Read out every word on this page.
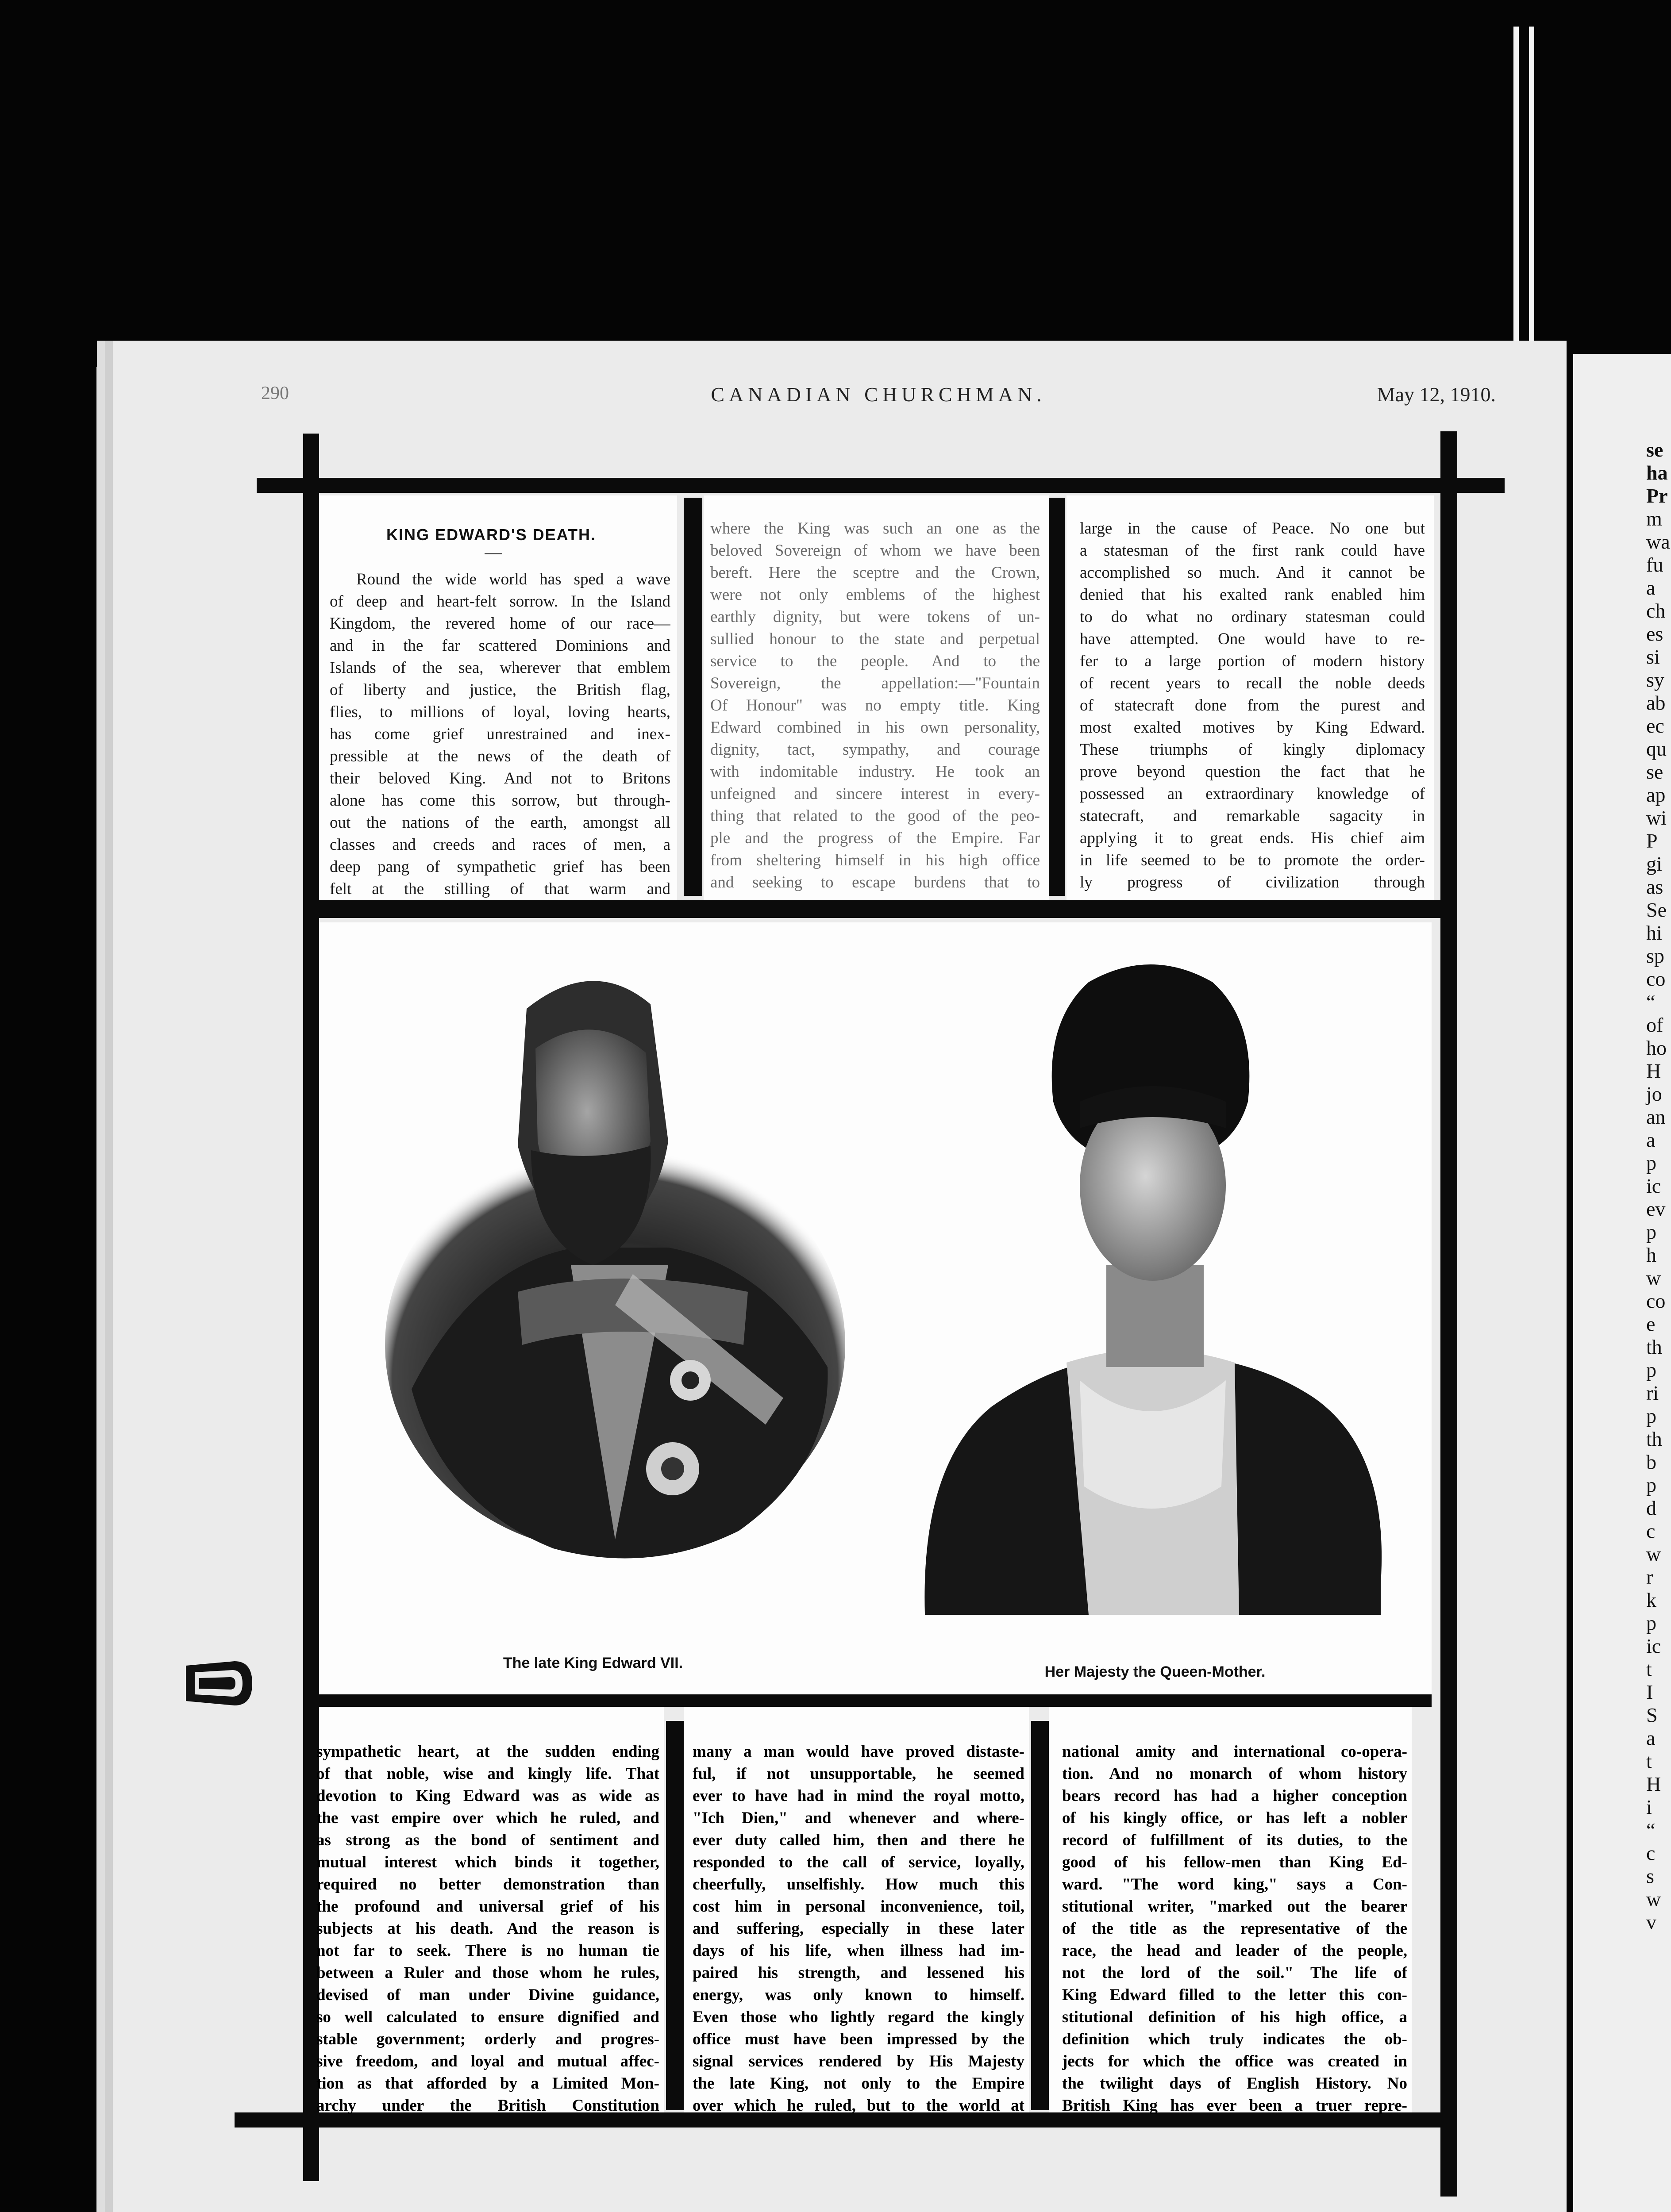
se
ha
Pr
m
wa
fu
a
ch
es
si
sy
ab
ec
qu
se
ap
wi
P
gi
as
Se
hi
sp
co
“
of
ho
H
jo
an
a
p
ic
ev
p
h
w
co
e
th
p
ri
p
th
b
p
d
c
w
r
k
p
ic
t
I
S
a
t
H
i
“
c
s
w
v
290	CANADIAN CHURCHMAN.	May 12, 1910.
KING EDWARD'S DEATH.
Round the wide world has sped a wave
of deep and heart-felt sorrow. In the Island
Kingdom, the revered home of our race—
and in the far scattered Dominions and
Islands of the sea, wherever that emblem
of liberty and justice, the British flag,
flies, to millions of loyal, loving hearts,
has come grief unrestrained and inex-
pressible at the news of the death of
their beloved King. And not to Britons
alone has come this sorrow, but through-
out the nations of the earth, amongst all
classes and creeds and races of men, a
deep pang of sympathetic grief has been
felt at the stilling of that warm and
where the King was such an one as the
beloved Sovereign of whom we have been
bereft. Here the sceptre and the Crown,
were not only emblems of the highest
earthly dignity, but were tokens of un-
sullied honour to the state and perpetual
service to the people. And to the
Sovereign, the appellation:—"Fountain
Of Honour" was no empty title. King
Edward combined in his own personality,
dignity, tact, sympathy, and courage
with indomitable industry. He took an
unfeigned and sincere interest in every-
thing that related to the good of the peo-
ple and the progress of the Empire. Far
from sheltering himself in his high office
and seeking to escape burdens that to
large in the cause of Peace. No one but
a statesman of the first rank could have
accomplished so much. And it cannot be
denied that his exalted rank enabled him
to do what no ordinary statesman could
have attempted. One would have to re-
fer to a large portion of modern history
of recent years to recall the noble deeds
of statecraft done from the purest and
most exalted motives by King Edward.
These triumphs of kingly diplomacy
prove beyond question the fact that he
possessed an extraordinary knowledge of
statecraft, and remarkable sagacity in
applying it to great ends. His chief aim
in life seemed to be to promote the order-
ly progress of civilization through
The late King Edward VII.
Her Majesty the Queen-Mother.
sympathetic heart, at the sudden ending
of that noble, wise and kingly life. That
devotion to King Edward was as wide as
the vast empire over which he ruled, and
as strong as the bond of sentiment and
mutual interest which binds it together,
required no better demonstration than
the profound and universal grief of his
subjects at his death. And the reason is
not far to seek. There is no human tie
between a Ruler and those whom he rules,
devised of man under Divine guidance,
so well calculated to ensure dignified and
stable government; orderly and progres-
sive freedom, and loyal and mutual affec-
tion as that afforded by a Limited Mon-
archy under the British Constitution
many a man would have proved distaste-
ful, if not unsupportable, he seemed
ever to have had in mind the royal motto,
"Ich Dien," and whenever and where-
ever duty called him, then and there he
responded to the call of service, loyally,
cheerfully, unselfishly. How much this
cost him in personal inconvenience, toil,
and suffering, especially in these later
days of his life, when illness had im-
paired his strength, and lessened his
energy, was only known to himself.
Even those who lightly regard the kingly
office must have been impressed by the
signal services rendered by His Majesty
the late King, not only to the Empire
over which he ruled, but to the world at
national amity and international co-opera-
tion. And no monarch of whom history
bears record has had a higher conception
of his kingly office, or has left a nobler
record of fulfillment of its duties, to the
good of his fellow-men than King Ed-
ward. "The word king," says a Con-
stitutional writer, "marked out the bearer
of the title as the representative of the
race, the head and leader of the people,
not the lord of the soil." The life of
King Edward filled to the letter this con-
stitutional definition of his high office, a
definition which truly indicates the ob-
jects for which the office was created in
the twilight days of English History. No
British King has ever been a truer repre-
